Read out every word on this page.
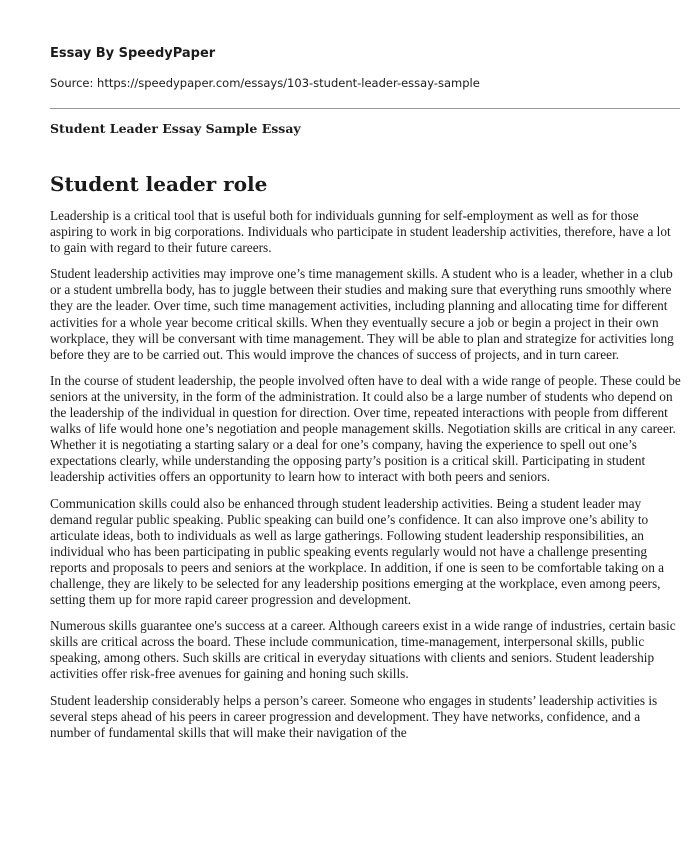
Essay By SpeedyPaper
Source: https://speedypaper.com/essays/103-student-leader-essay-sample
Student Leader Essay Sample Essay
Student leader role

Leadership is a critical tool that is useful both for individuals gunning for self-employment as well as for those aspiring to work in big corporations. Individuals who participate in student leadership activities, therefore, have a lot to gain with regard to their future careers.

Student leadership activities may improve one’s time management skills. A student who is a leader, whether in a club or a student umbrella body, has to juggle between their studies and making sure that everything runs smoothly where they are the leader. Over time, such time management activities, including planning and allocating time for different activities for a whole year become critical skills. When they eventually secure a job or begin a project in their own workplace, they will be conversant with time management. They will be able to plan and strategize for activities long before they are to be carried out. This would improve the chances of success of projects, and in turn career.

In the course of student leadership, the people involved often have to deal with a wide range of people. These could be seniors at the university, in the form of the administration. It could also be a large number of students who depend on the leadership of the individual in question for direction. Over time, repeated interactions with people from different walks of life would hone one’s negotiation and people management skills. Negotiation skills are critical in any career. Whether it is negotiating a starting salary or a deal for one’s company, having the experience to spell out one’s expectations clearly, while understanding the opposing party’s position is a critical skill. Participating in student leadership activities offers an opportunity to learn how to interact with both peers and seniors.

Communication skills could also be enhanced through student leadership activities. Being a student leader may demand regular public speaking. Public speaking can build one’s confidence. It can also improve one’s ability to articulate ideas, both to individuals as well as large gatherings. Following student leadership responsibilities, an individual who has been participating in public speaking events regularly would not have a challenge presenting reports and proposals to peers and seniors at the workplace. In addition, if one is seen to be comfortable taking on a challenge, they are likely to be selected for any leadership positions emerging at the workplace, even among peers, setting them up for more rapid career progression and development.

Numerous skills guarantee one's success at a career. Although careers exist in a wide range of industries, certain basic skills are critical across the board. These include communication, time-management, interpersonal skills, public speaking, among others. Such skills are critical in everyday situations with clients and seniors. Student leadership activities offer risk-free avenues for gaining and honing such skills.

Student leadership considerably helps a person’s career. Someone who engages in students’ leadership activities is several steps ahead of his peers in career progression and development. They have networks, confidence, and a number of fundamental skills that will make their navigation of the
